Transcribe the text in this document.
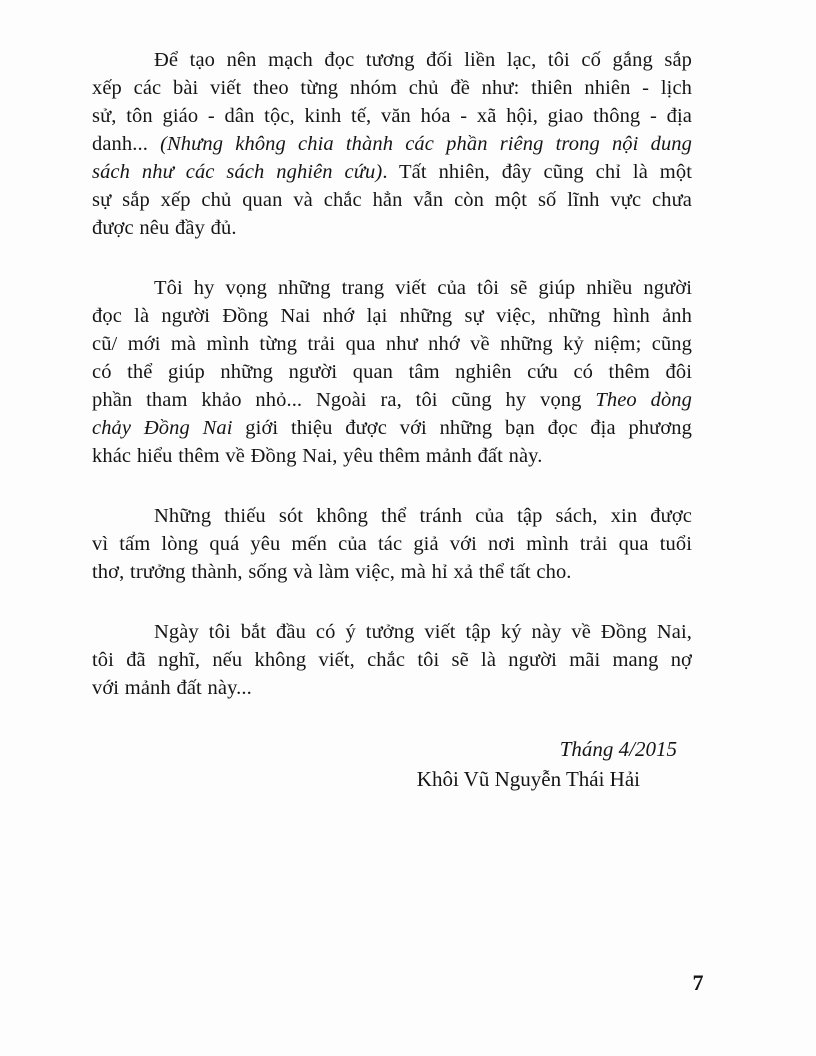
Để tạo nên mạch đọc tương đối liền lạc, tôi cố gắng sắp
xếp các bài viết theo từng nhóm chủ đề như: thiên nhiên - lịch
sử, tôn giáo - dân tộc, kinh tế, văn hóa - xã hội, giao thông - địa
danh... (Nhưng không chia thành các phần riêng trong nội dung
sách như các sách nghiên cứu). Tất nhiên, đây cũng chỉ là một
sự sắp xếp chủ quan và chắc hẳn vẫn còn một số lĩnh vực chưa
được nêu đầy đủ.
Tôi hy vọng những trang viết của tôi sẽ giúp nhiều người
đọc là người Đồng Nai nhớ lại những sự việc, những hình ảnh
cũ/ mới mà mình từng trải qua như nhớ về những kỷ niệm; cũng
có thể giúp những người quan tâm nghiên cứu có thêm đôi
phần tham khảo nhỏ... Ngoài ra, tôi cũng hy vọng Theo dòng
chảy Đồng Nai giới thiệu được với những bạn đọc địa phương
khác hiểu thêm về Đồng Nai, yêu thêm mảnh đất này.
Những thiếu sót không thể tránh của tập sách, xin được
vì tấm lòng quá yêu mến của tác giả với nơi mình trải qua tuổi
thơ, trưởng thành, sống và làm việc, mà hỉ xả thể tất cho.
Ngày tôi bắt đầu có ý tưởng viết tập ký này về Đồng Nai,
tôi đã nghĩ, nếu không viết, chắc tôi sẽ là người mãi mang nợ
với mảnh đất này...
Tháng 4/2015
Khôi Vũ Nguyễn Thái Hải
7
